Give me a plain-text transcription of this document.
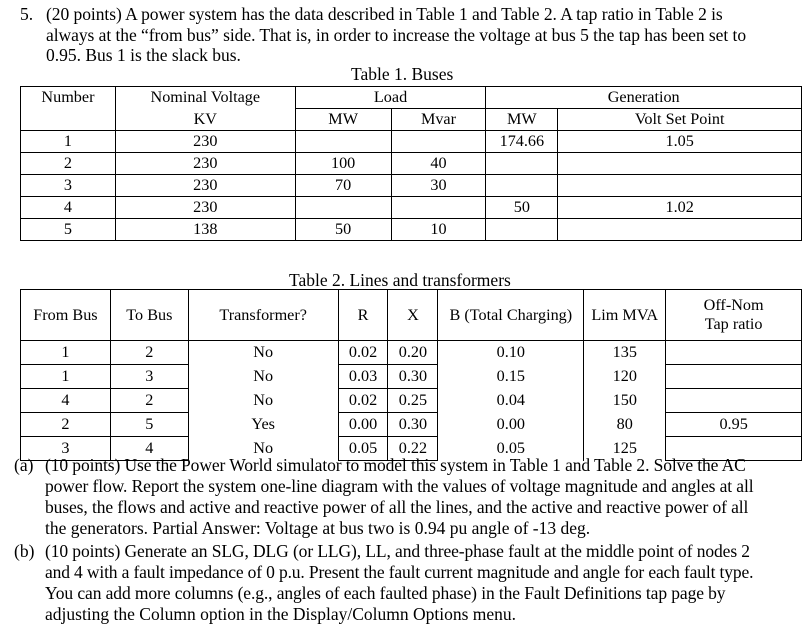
5. (20 points) A power system has the data described in Table 1 and Table 2. A tap ratio in Table 2 is
always at the “from bus” side. That is, in order to increase the voltage at bus 5 the tap has been set to
0.95. Bus 1 is the slack bus.
Table 1. Buses
Number	Nominal Voltage	Load		Generation	
	KV	MW	Mvar	MW	Volt Set Point
1	230			174.66	1.05
2	230	100	40		
3	230	70	30		
4	230			50	1.02
5	138	50	10		
Table 2. Lines and transformers
From Bus	To Bus	Transformer?	R	X	B (Total Charging)	Lim MVA	Off-Nom
Tap ratio

1	2	No	0.02	0.20	0.10	135	
1	3	No	0.03	0.30	0.15	120	
4	2	No	0.02	0.25	0.04	150	
2	5	Yes	0.00	0.30	0.00	80	0.95
3	4	No	0.05	0.22	0.05	125	
(a) (10 points) Use the Power World simulator to model this system in Table 1 and Table 2. Solve the AC
power flow. Report the system one-line diagram with the values of voltage magnitude and angles at all
buses, the flows and active and reactive power of all the lines, and the active and reactive power of all
the generators. Partial Answer: Voltage at bus two is 0.94 pu angle of -13 deg.
(b) (10 points) Generate an SLG, DLG (or LLG), LL, and three-phase fault at the middle point of nodes 2
and 4 with a fault impedance of 0 p.u. Present the fault current magnitude and angle for each fault type.
You can add more columns (e.g., angles of each faulted phase) in the Fault Definitions tap page by
adjusting the Column option in the Display/Column Options menu.
